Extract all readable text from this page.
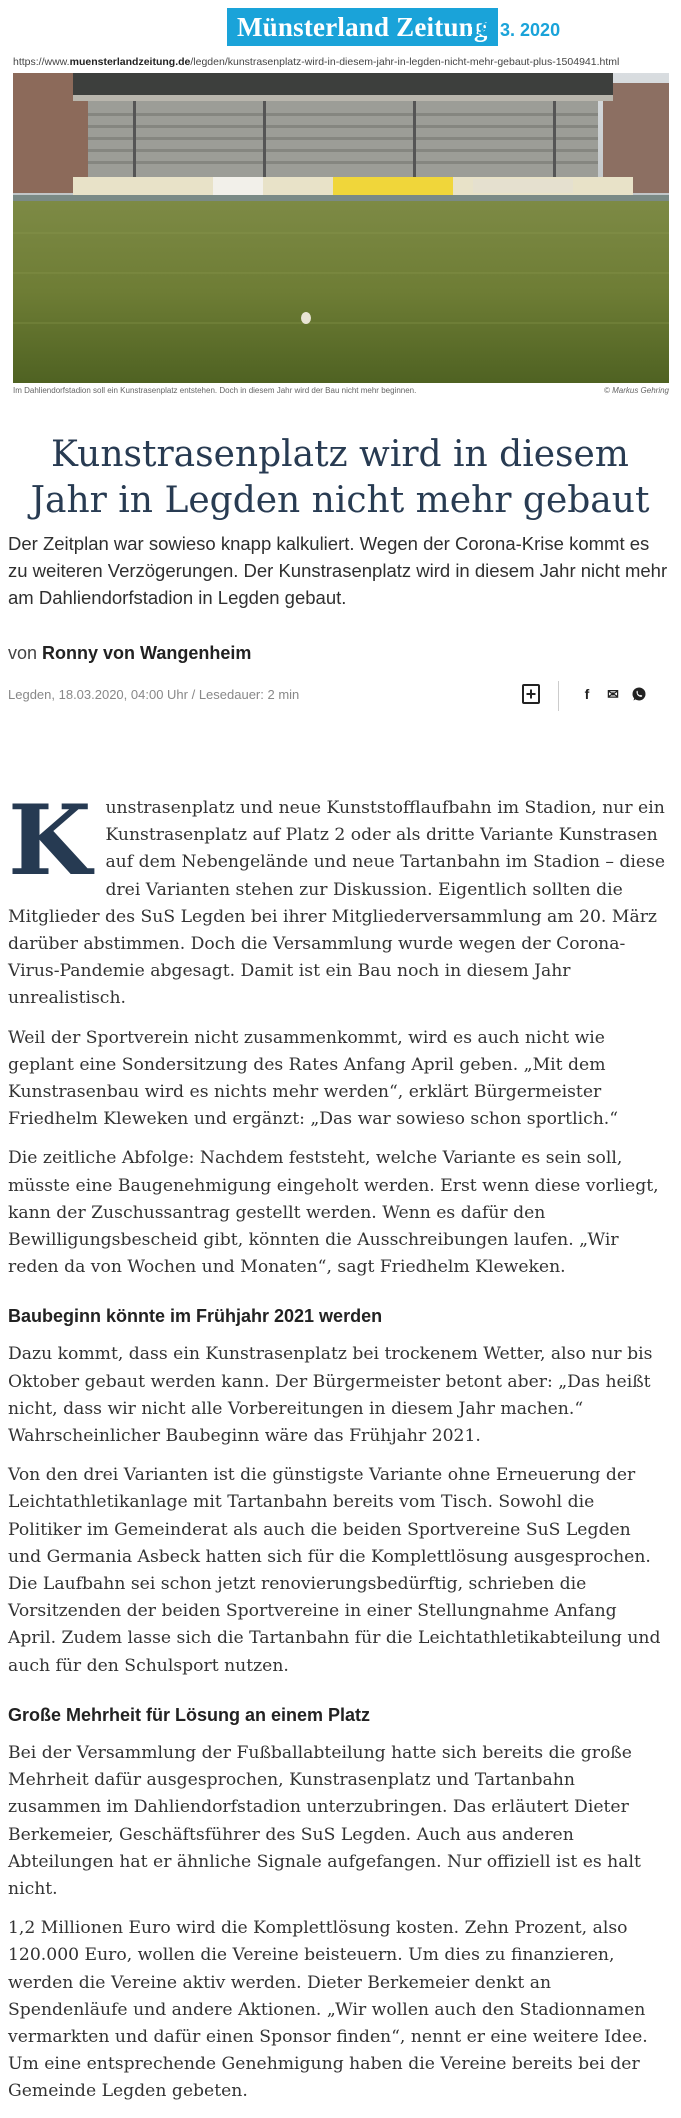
Münsterland Zeitung
18. 3. 2020
https://www.muensterlandzeitung.de/legden/kunstrasenplatz-wird-in-diesem-jahr-in-legden-nicht-mehr-gebaut-plus-1504941.html
Im Dahliendorfstadion soll ein Kunstrasenplatz entstehen. Doch in diesem Jahr wird der Bau nicht mehr beginnen.	© Markus Gehring
Kunstrasenplatz wird in diesem Jahr in Legden nicht mehr gebaut

Der Zeitplan war sowieso knapp kalkuliert. Wegen der Corona-Krise kommt es zu weiteren Verzögerungen. Der Kunstrasenplatz wird in diesem Jahr nicht mehr am Dahliendorfstadion in Legden gebaut.

von Ronny von Wangenheim
Legden, 18.03.2020, 04:00 Uhr / Lesedauer: 2 min	f	✉

Kunstrasenplatz und neue Kunststofflaufbahn im Stadion, nur ein Kunstrasenplatz auf Platz 2 oder als dritte Variante Kunstrasen auf dem Nebengelände und neue Tartanbahn im Stadion – diese drei Varianten stehen zur Diskussion. Eigentlich sollten die Mitglieder des SuS Legden bei ihrer Mitgliederversammlung am 20. März darüber abstimmen. Doch die Versammlung wurde wegen der Corona-Virus-Pandemie abgesagt. Damit ist ein Bau noch in diesem Jahr unrealistisch.

Weil der Sportverein nicht zusammenkommt, wird es auch nicht wie geplant eine Sondersitzung des Rates Anfang April geben. „Mit dem Kunstrasenbau wird es nichts mehr werden“, erklärt Bürgermeister Friedhelm Kleweken und ergänzt: „Das war sowieso schon sportlich.“

Die zeitliche Abfolge: Nachdem feststeht, welche Variante es sein soll, müsste eine Baugenehmigung eingeholt werden. Erst wenn diese vorliegt, kann der Zuschussantrag gestellt werden. Wenn es dafür den Bewilligungsbescheid gibt, könnten die Ausschreibungen laufen. „Wir reden da von Wochen und Monaten“, sagt Friedhelm Kleweken.

Baubeginn könnte im Frühjahr 2021 werden

Dazu kommt, dass ein Kunstrasenplatz bei trockenem Wetter, also nur bis Oktober gebaut werden kann. Der Bürgermeister betont aber: „Das heißt nicht, dass wir nicht alle Vorbereitungen in diesem Jahr machen.“ Wahrscheinlicher Baubeginn wäre das Frühjahr 2021.

Von den drei Varianten ist die günstigste Variante ohne Erneuerung der Leichtathletikanlage mit Tartanbahn bereits vom Tisch. Sowohl die Politiker im Gemeinderat als auch die beiden Sportvereine SuS Legden und Germania Asbeck hatten sich für die Komplettlösung ausgesprochen. Die Laufbahn sei schon jetzt renovierungsbedürftig, schrieben die Vorsitzenden der beiden Sportvereine in einer Stellungnahme Anfang April. Zudem lasse sich die Tartanbahn für die Leichtathletikabteilung und auch für den Schulsport nutzen.

Große Mehrheit für Lösung an einem Platz

Bei der Versammlung der Fußballabteilung hatte sich bereits die große Mehrheit dafür ausgesprochen, Kunstrasenplatz und Tartanbahn zusammen im Dahliendorfstadion unterzubringen. Das erläutert Dieter Berkemeier, Geschäftsführer des SuS Legden. Auch aus anderen Abteilungen hat er ähnliche Signale aufgefangen. Nur offiziell ist es halt nicht.

1,2 Millionen Euro wird die Komplettlösung kosten. Zehn Prozent, also 120.000 Euro, wollen die Vereine beisteuern. Um dies zu finanzieren, werden die Vereine aktiv werden. Dieter Berkemeier denkt an Spendenläufe und andere Aktionen. „Wir wollen auch den Stadionnamen vermarkten und dafür einen Sponsor finden“, nennt er eine weitere Idee. Um eine entsprechende Genehmigung haben die Vereine bereits bei der Gemeinde Legden gebeten.
